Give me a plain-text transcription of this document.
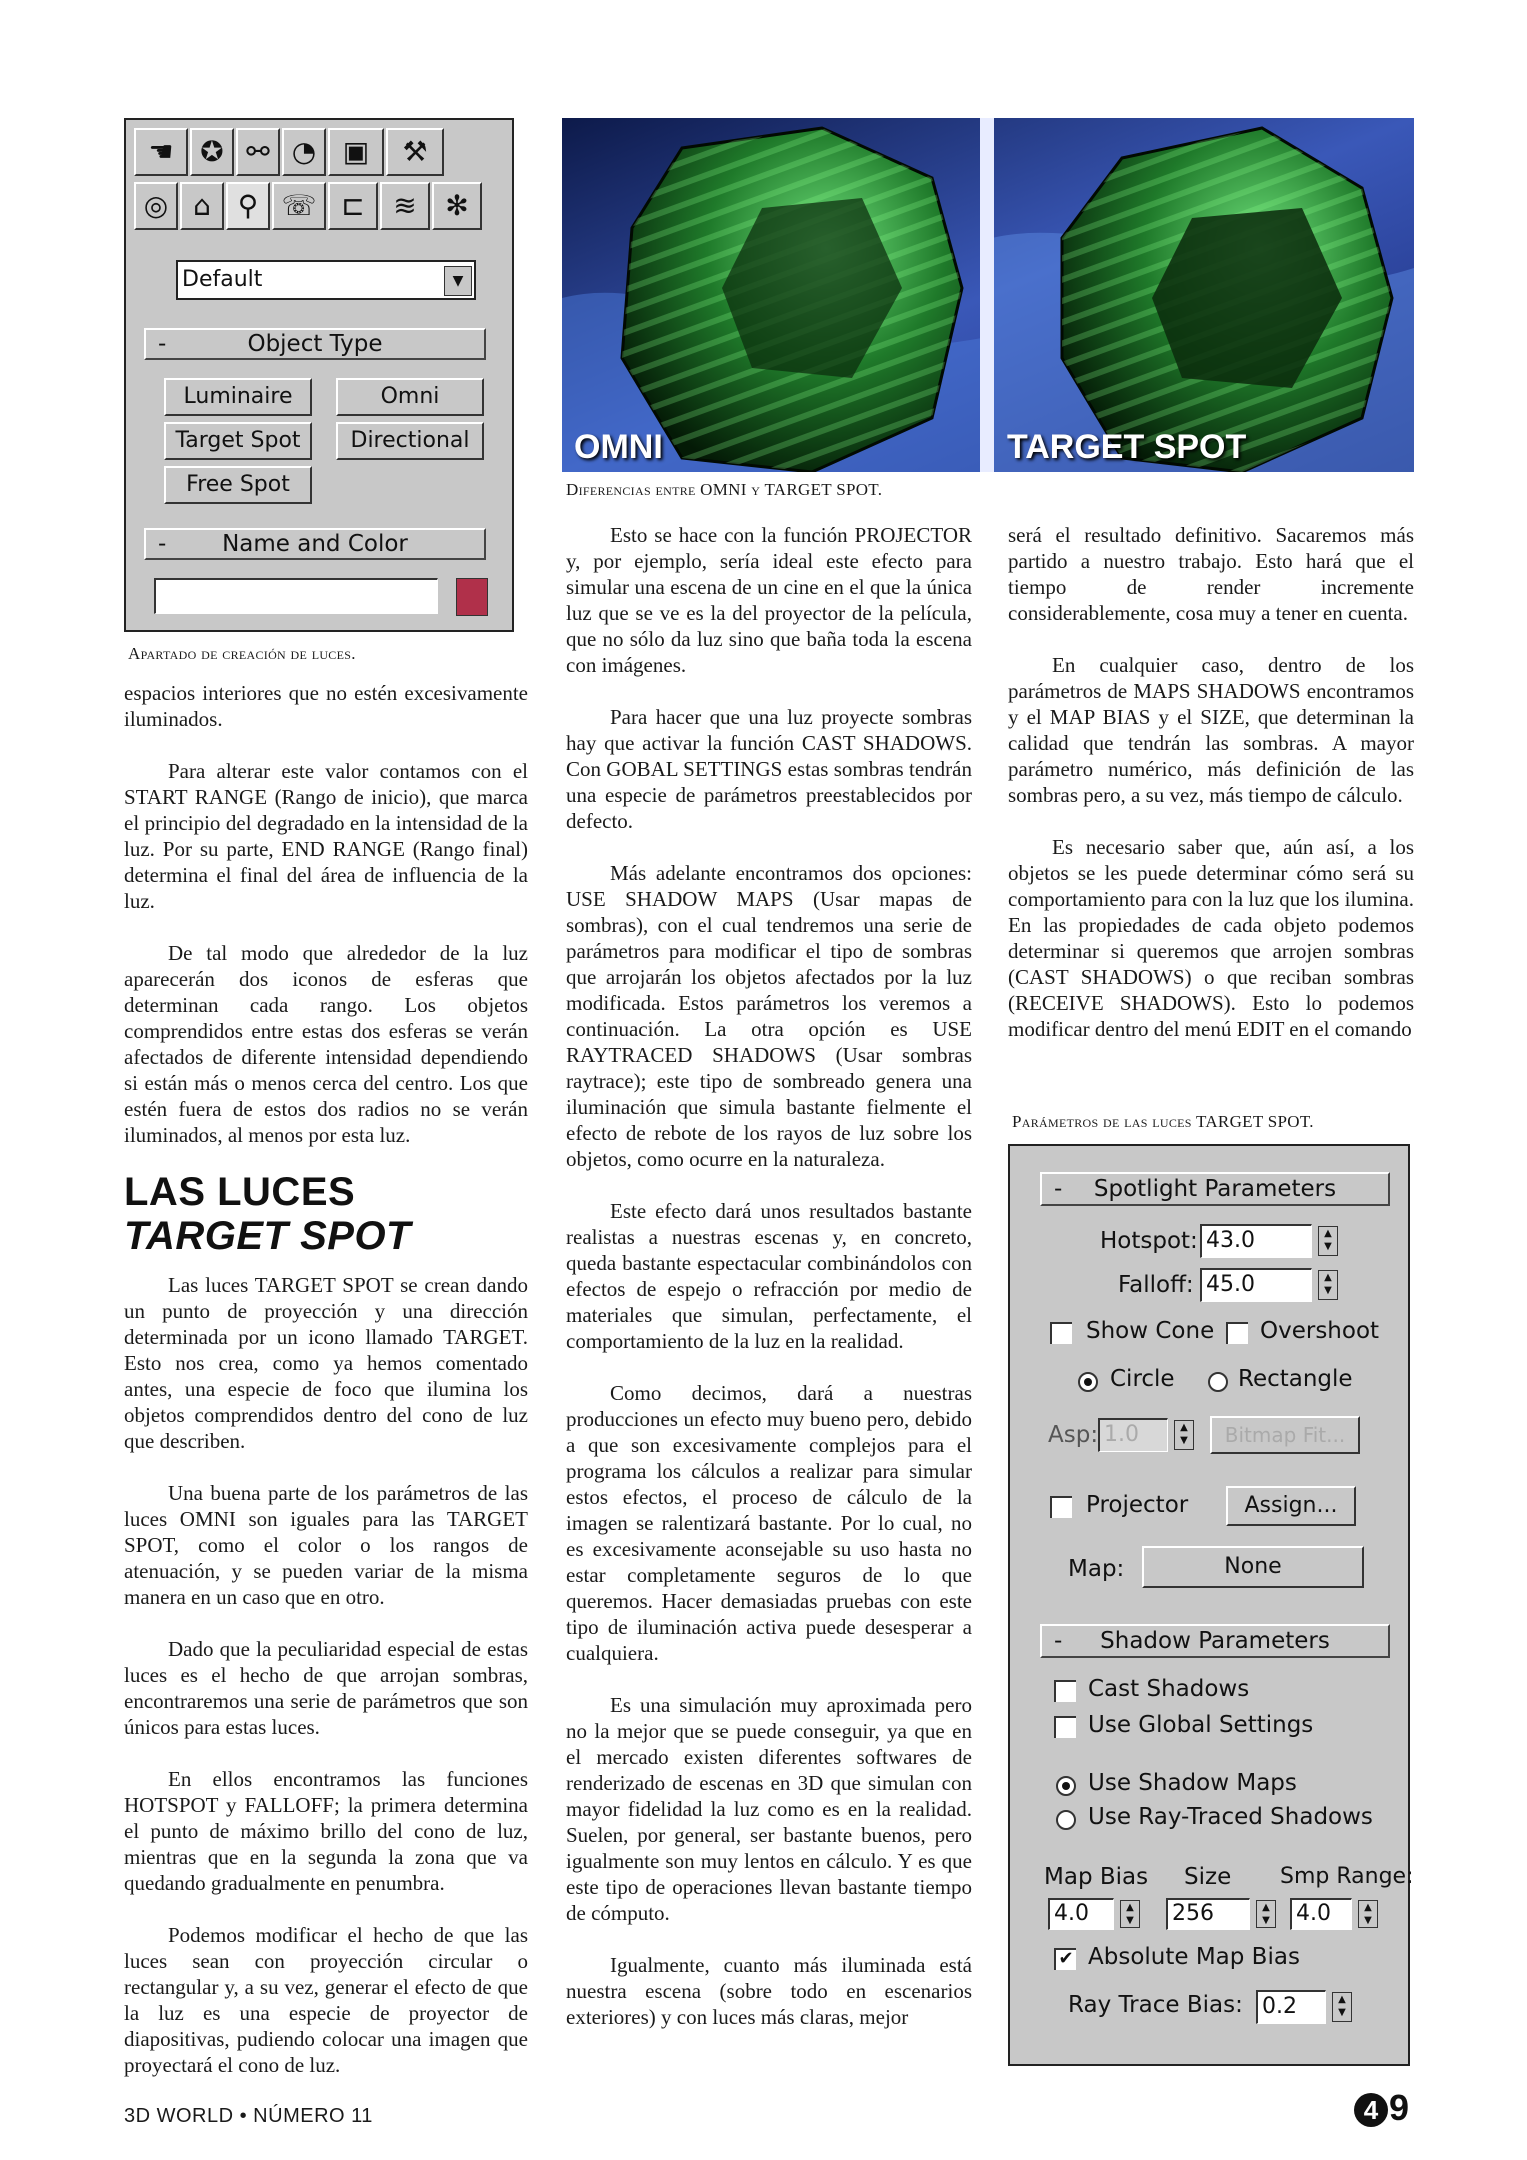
☚ ✪ ⚯ ◔ ▣	⚒
◎ ⌂ ⚲ ☏ ⊏	≋	✻
Default	▼
-	Object Type
Luminaire	Omni
Target Spot	Directional
Free Spot
-	Name and Color
Apartado de creación de luces.
OMNI	TARGET SPOT
Diferencias entre OMNI y TARGET SPOT.

espacios interiores que no estén excesivamente iluminados.

Para alterar este valor contamos con el START RANGE (Rango de inicio), que marca el principio del degradado en la intensidad de la luz. Por su parte, END RANGE (Rango final) determina el final del área de influencia de la luz.

De tal modo que alrededor de la luz aparecerán dos iconos de esferas que determinan cada rango. Los objetos comprendidos entre estas dos esferas se verán afectados de diferente intensidad dependiendo si están más o menos cerca del centro. Los que estén fuera de estos dos radios no se verán iluminados, al menos por esta luz.

LAS LUCES
TARGET SPOT

Las luces TARGET SPOT se crean dando un punto de proyección y una dirección determinada por un icono llamado TARGET. Esto nos crea, como ya hemos comentado antes, una especie de foco que ilumina los objetos comprendidos dentro del cono de luz que describen.

Una buena parte de los parámetros de las luces OMNI son iguales para las TARGET SPOT, como el color o los rangos de atenuación, y se pueden variar de la misma manera en un caso que en otro.

Dado que la peculiaridad especial de estas luces es el hecho de que arrojan sombras, encontraremos una serie de parámetros que son únicos para estas luces.

En ellos encontramos las funciones HOTSPOT y FALLOFF; la primera determina el punto de máximo brillo del cono de luz, mientras que en la segunda la zona que va quedando gradualmente en penumbra.

Podemos modificar el hecho de que las luces sean con proyección circular o rectangular y, a su vez, generar el efecto de que la luz es una especie de proyector de diapositivas, pudiendo colocar una imagen que proyectará el cono de luz.

Esto se hace con la función PROJECTOR y, por ejemplo, sería ideal este efecto para simular una escena de un cine en el que la única luz que se ve es la del proyector de la película, que no sólo da luz sino que baña toda la escena con imágenes.

Para hacer que una luz proyecte sombras hay que activar la función CAST SHADOWS. Con GOBAL SETTINGS estas sombras tendrán una especie de parámetros preestablecidos por defecto.

Más adelante encontramos dos opciones: USE SHADOW MAPS (Usar mapas de sombras), con el cual tendremos una serie de parámetros para modificar el tipo de sombras que arrojarán los objetos afectados por la luz modificada. Estos parámetros los veremos a continuación. La otra opción es USE RAYTRACED SHADOWS (Usar sombras raytrace); este tipo de sombreado genera una iluminación que simula bastante fielmente el efecto de rebote de los rayos de luz sobre los objetos, como ocurre en la naturaleza.

Este efecto dará unos resultados bastante realistas a nuestras escenas y, en concreto, queda bastante espectacular combinándolos con efectos de espejo o refracción por medio de materiales que simulan, perfectamente, el comportamiento de la luz en la realidad.

Como decimos, dará a nuestras producciones un efecto muy bueno pero, debido a que son excesivamente complejos para el programa los cálculos a realizar para simular estos efectos, el proceso de cálculo de la imagen se ralentizará bastante. Por lo cual, no es excesivamente aconsejable su uso hasta no estar completamente seguros de lo que queremos. Hacer demasiadas pruebas con este tipo de iluminación activa puede desesperar a cualquiera.

Es una simulación muy aproximada pero no la mejor que se puede conseguir, ya que en el mercado existen diferentes softwares de renderizado de escenas en 3D que simulan con mayor fidelidad la luz como es en la realidad. Suelen, por general, ser bastante buenos, pero igualmente son muy lentos en cálculo. Y es que este tipo de operaciones llevan bastante tiempo de cómputo.

Igualmente, cuanto más iluminada está nuestra escena (sobre todo en escenarios exteriores) y con luces más claras, mejor

será el resultado definitivo. Sacaremos más partido a nuestro trabajo. Esto hará que el tiempo de render incremente considerablemente, cosa muy a tener en cuenta.

En cualquier caso, dentro de los parámetros de MAPS SHADOWS encontramos y el MAP BIAS y el SIZE, que determinan la calidad que tendrán las sombras. A mayor parámetro numérico, más definición de las sombras pero, a su vez, más tiempo de cálculo.

Es necesario saber que, aún así, a los objetos se les puede determinar cómo será su comportamiento para con la luz que los ilumina. En las propiedades de cada objeto podemos determinar si queremos que arrojen sombras (CAST SHADOWS) o que reciban sombras (RECEIVE SHADOWS). Esto lo podemos modificar dentro del menú EDIT en el comando

Parámetros de las luces TARGET SPOT.
-	Spotlight Parameters
Hotspot: 43.0	▲
▼
Falloff: 45.0	▲
▼
Show Cone Overshoot
Circle	Rectangle
Asp: 1.0	▲
▼	Bitmap Fit...
Projector	Assign...
Map:	None
-	Shadow Parameters
Cast Shadows
Use Global Settings
Use Shadow Maps
Use Ray-Traced Shadows
Map Bias Size Smp Range:
4.0	▲
▼ 256	▲
▼ 4.0	▲
▼
✔ Absolute Map Bias
Ray Trace Bias: 0.2	▲
▼
3D WORLD • NÚMERO 11	4 9
